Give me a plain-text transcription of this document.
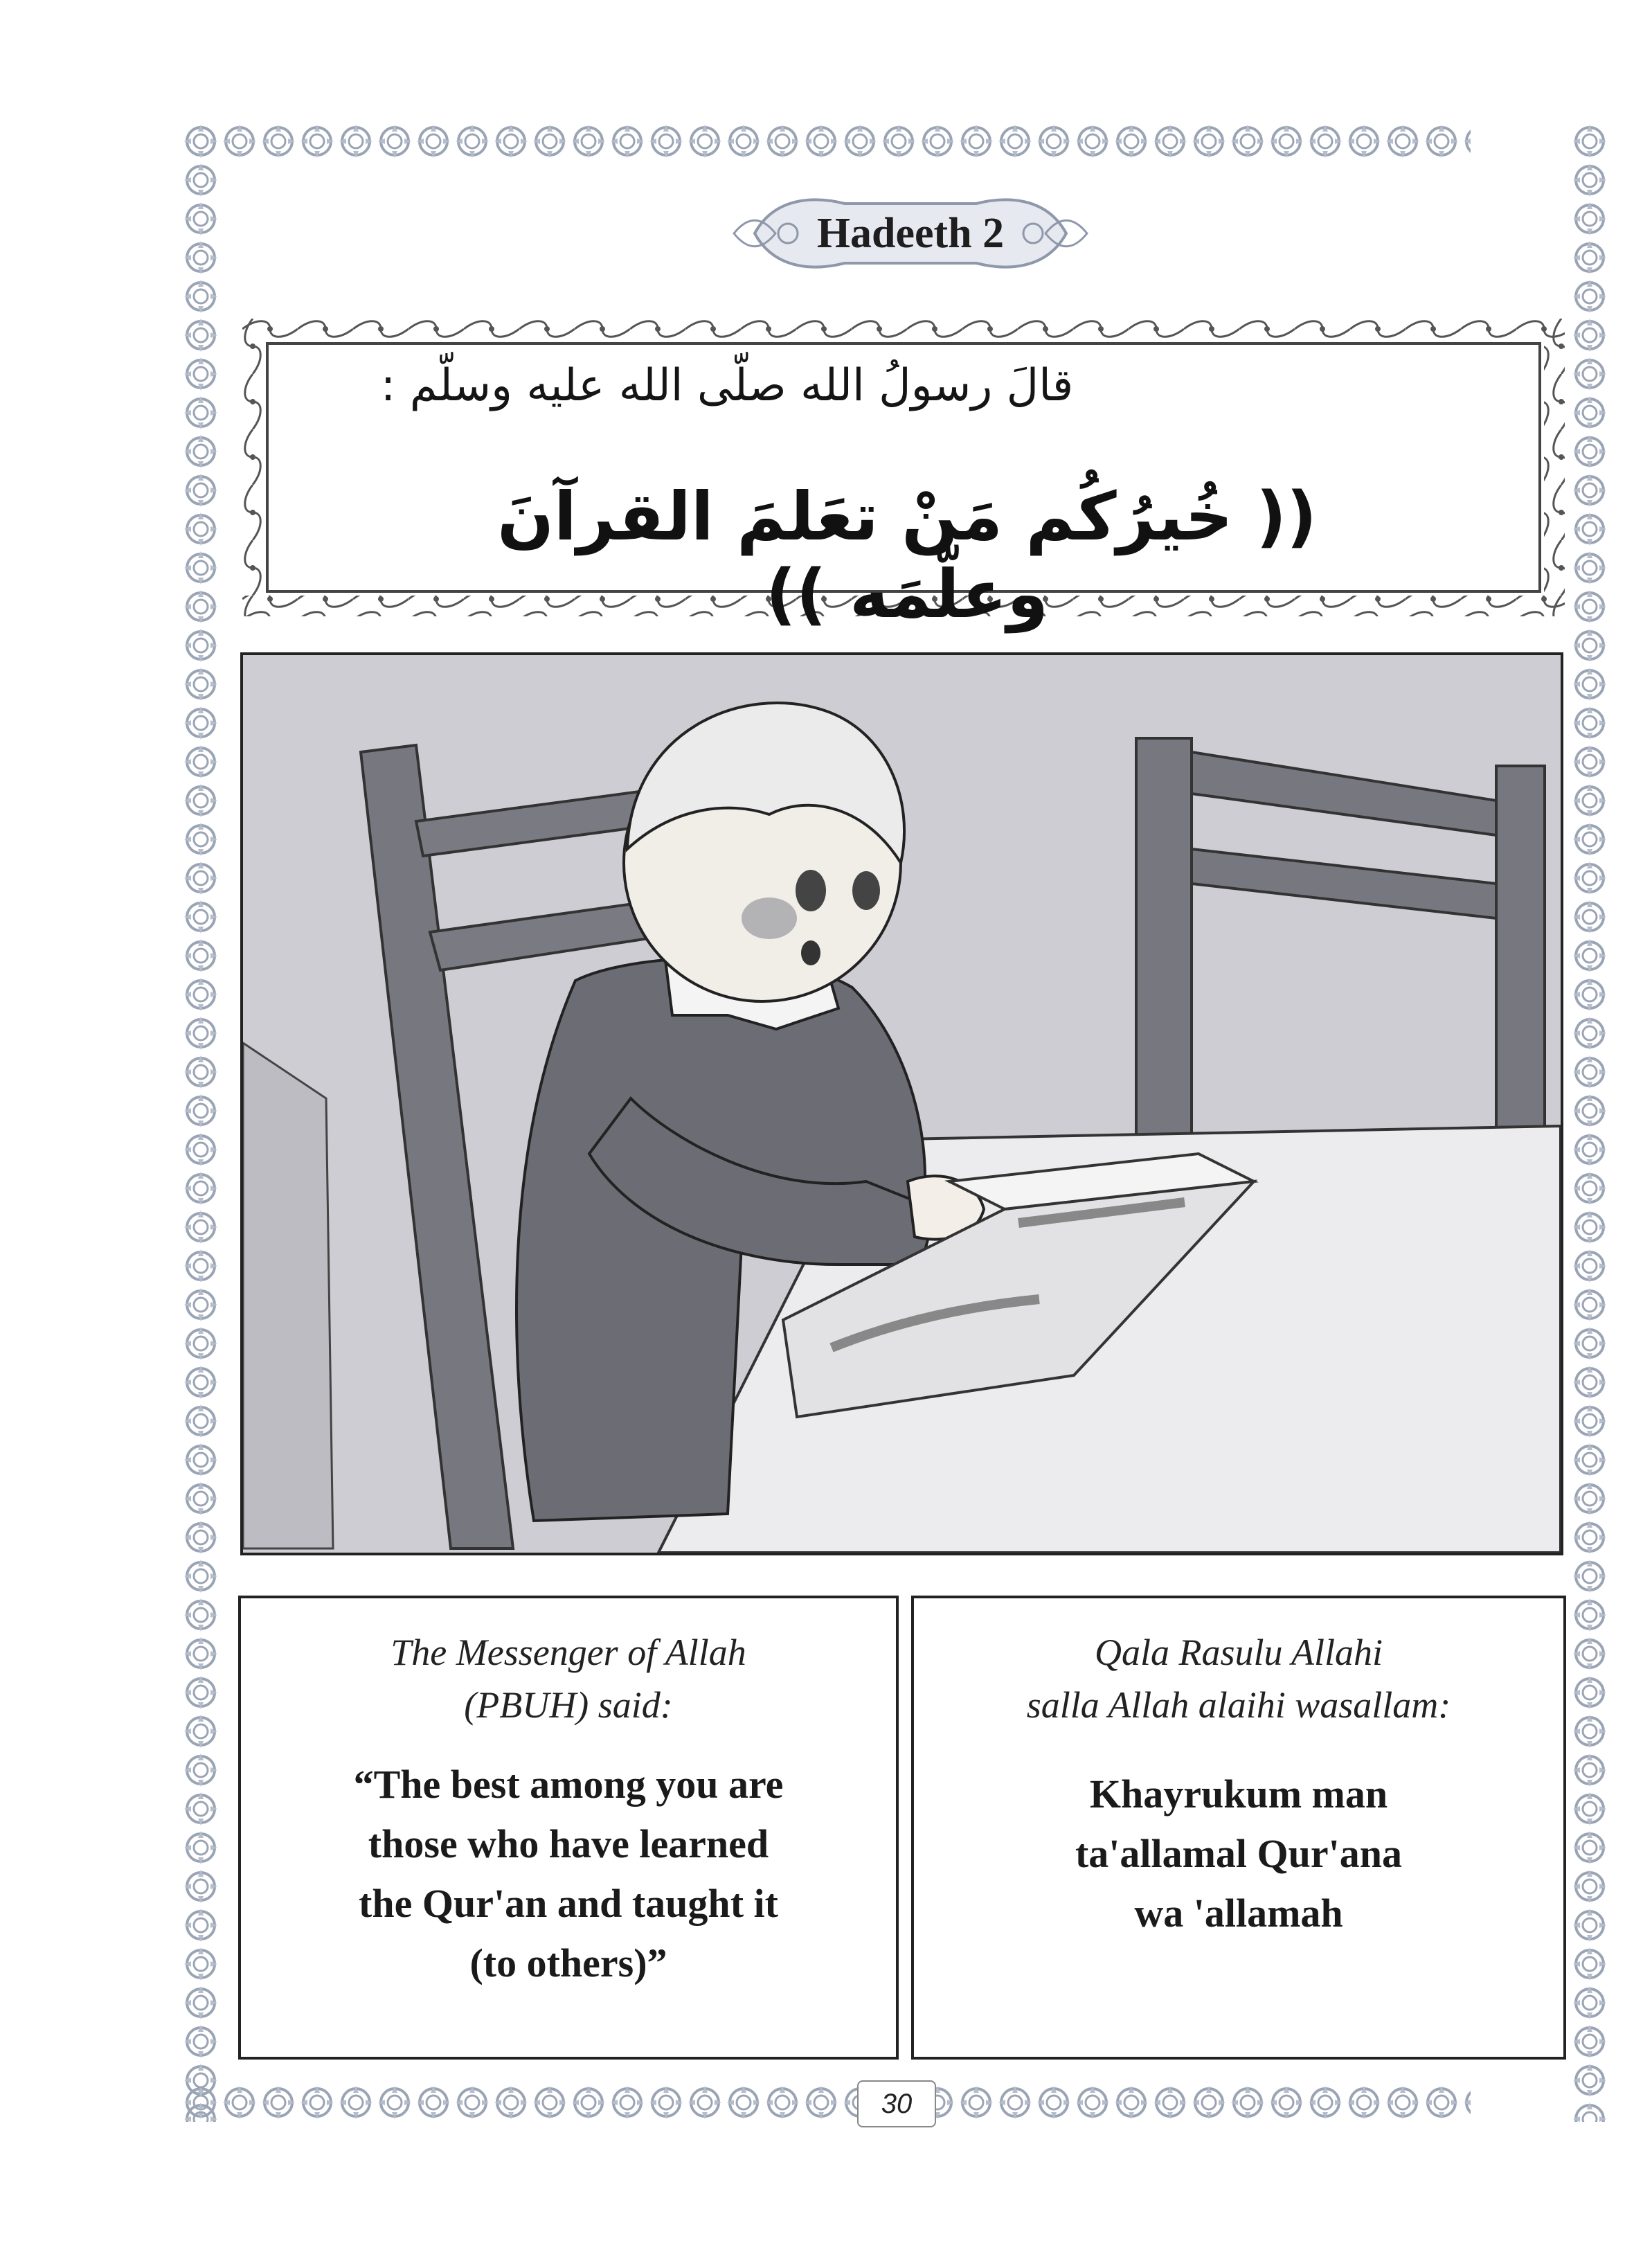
Hadeeth 2
قالَ رسولُ الله صلّى الله عليه وسلّم :
(( خُيرُكُم مَنْ تعَلمَ القرآنَ وعلّمَه ))
The Messenger of Allah
(PBUH) said:
“The best among you are
those who have learned
the Qur'an and taught it
(to others)”
Qala Rasulu Allahi
salla Allah alaihi wasallam:
Khayrukum man
ta'allamal Qur'ana
wa 'allamah
30
